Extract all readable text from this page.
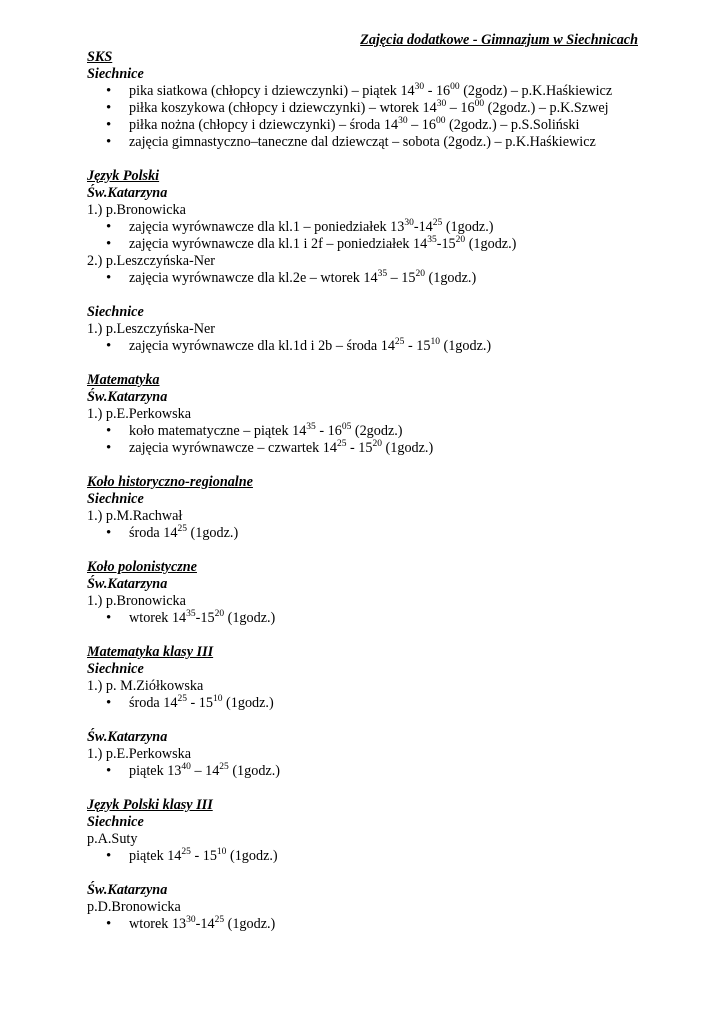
Zajęcia dodatkowe - Gimnazjum w Siechnicach
SKS
Siechnice
• pika siatkowa (chłopcy i dziewczynki) – piątek $14^{30} - 16^{00}$ (2godz) – p.K.Haśkiewicz
• piłka koszykowa (chłopcy i dziewczynki) – wtorek $14^{30} - 16^{00}$ (2godz.) – p.K.Szwej
• piłka nożna (chłopcy i dziewczynki) – środa $14^{30} - 16^{00}$ (2godz.) – p.S.Soliński
• zajęcia gimnastyczno–taneczne dal dziewcząt – sobota (2godz.) – p.K.Haśkiewicz
Język Polski
Św.Katarzyna
1.) p.Bronowicka
• zajęcia wyrównawcze dla kl.1 – poniedziałek $13^{30}-14^{25}$ (1godz.)
• zajęcia wyrównawcze dla kl.1 i 2f – poniedziałek $14^{35}-15^{20}$ (1godz.)
2.) p.Leszczyńska-Ner
• zajęcia wyrównawcze dla kl.2e – wtorek $14^{35} - 15^{20}$ (1godz.)
Siechnice
1.) p.Leszczyńska-Ner
• zajęcia wyrównawcze dla kl.1d i 2b – środa $14^{25} - 15^{10}$ (1godz.)
Matematyka
Św.Katarzyna
1.) p.E.Perkowska
• koło matematyczne – piątek $14^{35} - 16^{05}$ (2godz.)
• zajęcia wyrównawcze – czwartek $14^{25} - 15^{20}$ (1godz.)
Koło historyczno-regionalne
Siechnice
1.) p.M.Rachwał
• środa $14^{25}$ (1godz.)
Koło polonistyczne
Św.Katarzyna
1.) p.Bronowicka
• wtorek $14^{35}-15^{20}$ (1godz.)
Matematyka klasy III
Siechnice
1.) p. M.Ziółkowska
• środa $14^{25} - 15^{10}$ (1godz.)
Św.Katarzyna
1.) p.E.Perkowska
• piątek $13^{40} - 14^{25}$ (1godz.)
Język Polski klasy III
Siechnice
p.A.Suty
• piątek $14^{25} - 15^{10}$ (1godz.)
Św.Katarzyna
p.D.Bronowicka
• wtorek $13^{30}-14^{25}$ (1godz.)
